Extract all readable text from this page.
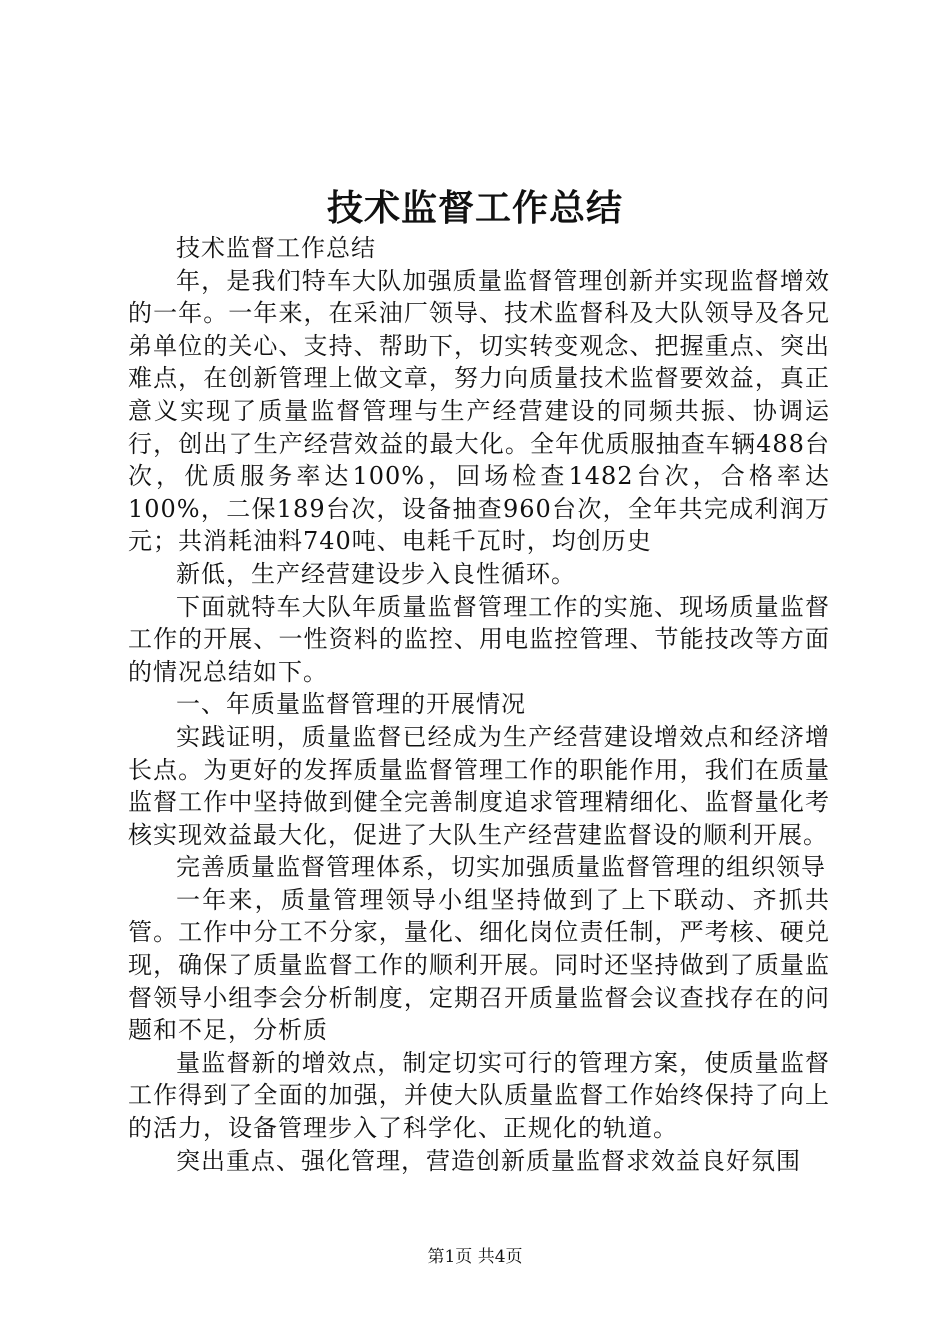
技术监督工作总结

技术监督工作总结

年，是我们特车大队加强质量监督管理创新并实现监督增效的一年。一年来，在采油厂领导、技术监督科及大队领导及各兄弟单位的关心、支持、帮助下，切实转变观念、把握重点、突出难点，在创新管理上做文章，努力向质量技术监督要效益，真正意义实现了质量监督管理与生产经营建设的同频共振、协调运行，创出了生产经营效益的最大化。全年优质服抽查车辆488台次，优质服务率达100%，回场检查1482台次，合格率达100%，二保189台次，设备抽查960台次，全年共完成利润万元；共消耗油料740吨、电耗千瓦时，均创历史

新低，生产经营建设步入良性循环。

下面就特车大队年质量监督管理工作的实施、现场质量监督工作的开展、一性资料的监控、用电监控管理、节能技改等方面的情况总结如下。

一、年质量监督管理的开展情况

实践证明，质量监督已经成为生产经营建设增效点和经济增长点。为更好的发挥质量监督管理工作的职能作用，我们在质量监督工作中坚持做到健全完善制度追求管理精细化、监督量化考核实现效益最大化，促进了大队生产经营建监督设的顺利开展。

完善质量监督管理体系，切实加强质量监督管理的组织领导

一年来，质量管理领导小组坚持做到了上下联动、齐抓共管。工作中分工不分家，量化、细化岗位责任制，严考核、硬兑现，确保了质量监督工作的顺利开展。同时还坚持做到了质量监督领导小组李会分析制度，定期召开质量监督会议查找存在的问题和不足，分析质

量监督新的增效点，制定切实可行的管理方案，使质量监督工作得到了全面的加强，并使大队质量监督工作始终保持了向上的活力，设备管理步入了科学化、正规化的轨道。

突出重点、强化管理，营造创新质量监督求效益良好氛围

第1页 共4页
